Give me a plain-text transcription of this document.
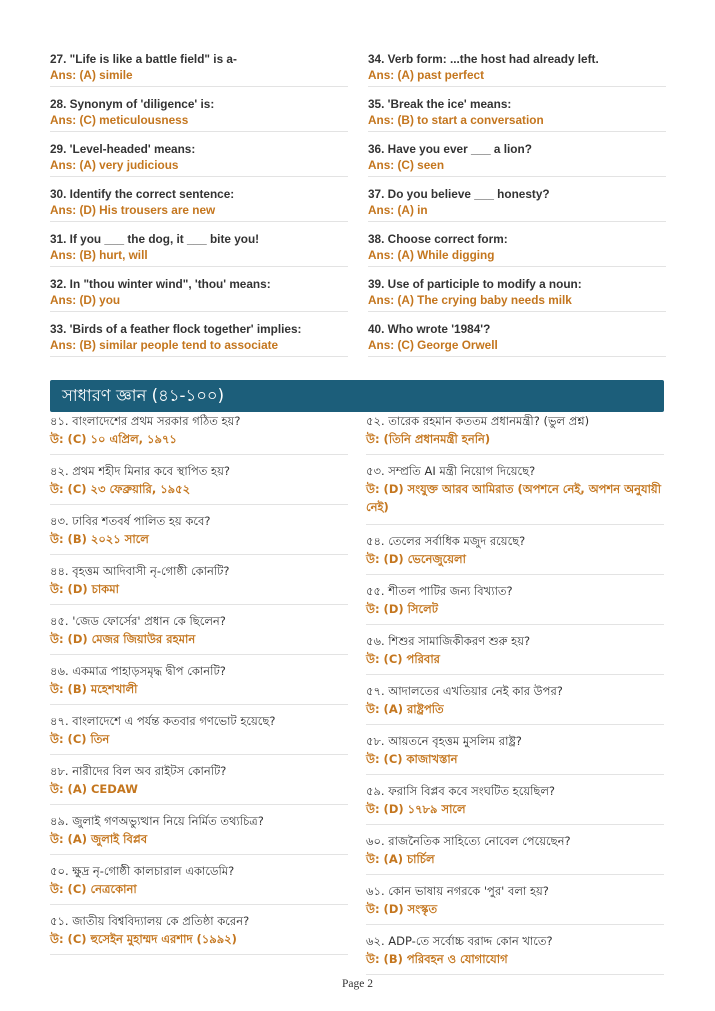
27. "Life is like a battle field" is a-
Ans: (A) simile
28. Synonym of 'diligence' is:
Ans: (C) meticulousness
29. 'Level-headed' means:
Ans: (A) very judicious
30. Identify the correct sentence:
Ans: (D) His trousers are new
31. If you ___ the dog, it ___ bite you!
Ans: (B) hurt, will
32. In "thou winter wind", 'thou' means:
Ans: (D) you
33. 'Birds of a feather flock together' implies:
Ans: (B) similar people tend to associate
34. Verb form: ...the host had already left.
Ans: (A) past perfect
35. 'Break the ice' means:
Ans: (B) to start a conversation
36. Have you ever ___ a lion?
Ans: (C) seen
37. Do you believe ___ honesty?
Ans: (A) in
38. Choose correct form:
Ans: (A) While digging
39. Use of participle to modify a noun:
Ans: (A) The crying baby needs milk
40. Who wrote '1984'?
Ans: (C) George Orwell
সাধারণ জ্ঞান (৪১-১০০)
৪১. বাংলাদেশের প্রথম সরকার গঠিত হয়?
উ: (C) ১০ এপ্রিল, ১৯৭১
৪২. প্রথম শহীদ মিনার কবে স্থাপিত হয়?
উ: (C) ২৩ ফেব্রুয়ারি, ১৯৫২
৪৩. ঢাবির শতবর্ষ পালিত হয় কবে?
উ: (B) ২০২১ সালে
৪৪. বৃহত্তম আদিবাসী নৃ-গোষ্ঠী কোনটি?
উ: (D) চাকমা
৪৫. 'জেড ফোর্সের' প্রধান কে ছিলেন?
উ: (D) মেজর জিয়াউর রহমান
৪৬. একমাত্র পাহাড়সমৃদ্ধ দ্বীপ কোনটি?
উ: (B) মহেশখালী
৪৭. বাংলাদেশে এ পর্যন্ত কতবার গণভোট হয়েছে?
উ: (C) তিন
৪৮. নারীদের বিল অব রাইটস কোনটি?
উ: (A) CEDAW
৪৯. জুলাই গণঅভ্যুত্থান নিয়ে নির্মিত তথ্যচিত্র?
উ: (A) জুলাই বিপ্লব
৫০. ক্ষুদ্র নৃ-গোষ্ঠী কালচারাল একাডেমি?
উ: (C) নেত্রকোনা
৫১. জাতীয় বিশ্ববিদ্যালয় কে প্রতিষ্ঠা করেন?
উ: (C) হুসেইন মুহাম্মদ এরশাদ (১৯৯২)
৫২. তারেক রহমান কততম প্রধানমন্ত্রী? (ভুল প্রশ্ন)
উ: (তিনি প্রধানমন্ত্রী হননি)
৫৩. সম্প্রতি AI মন্ত্রী নিয়োগ দিয়েছে?
উ: (D) সংযুক্ত আরব আমিরাত (অপশনে নেই, অপশন অনুযায়ী নেই)
৫৪. তেলের সর্বাধিক মজুদ রয়েছে?
উ: (D) ভেনেজুয়েলা
৫৫. শীতল পাটির জন্য বিখ্যাত?
উ: (D) সিলেট
৫৬. শিশুর সামাজিকীকরণ শুরু হয়?
উ: (C) পরিবার
৫৭. আদালতের এখতিয়ার নেই কার উপর?
উ: (A) রাষ্ট্রপতি
৫৮. আয়তনে বৃহত্তম মুসলিম রাষ্ট্র?
উ: (C) কাজাখস্তান
৫৯. ফরাসি বিপ্লব কবে সংঘটিত হয়েছিল?
উ: (D) ১৭৮৯ সালে
৬০. রাজনৈতিক সাহিত্যে নোবেল পেয়েছেন?
উ: (A) চার্চিল
৬১. কোন ভাষায় নগরকে 'পুর' বলা হয়?
উ: (D) সংস্কৃত
৬২. ADP-তে সর্বোচ্চ বরাদ্দ কোন খাতে?
উ: (B) পরিবহন ও যোগাযোগ
Page 2
